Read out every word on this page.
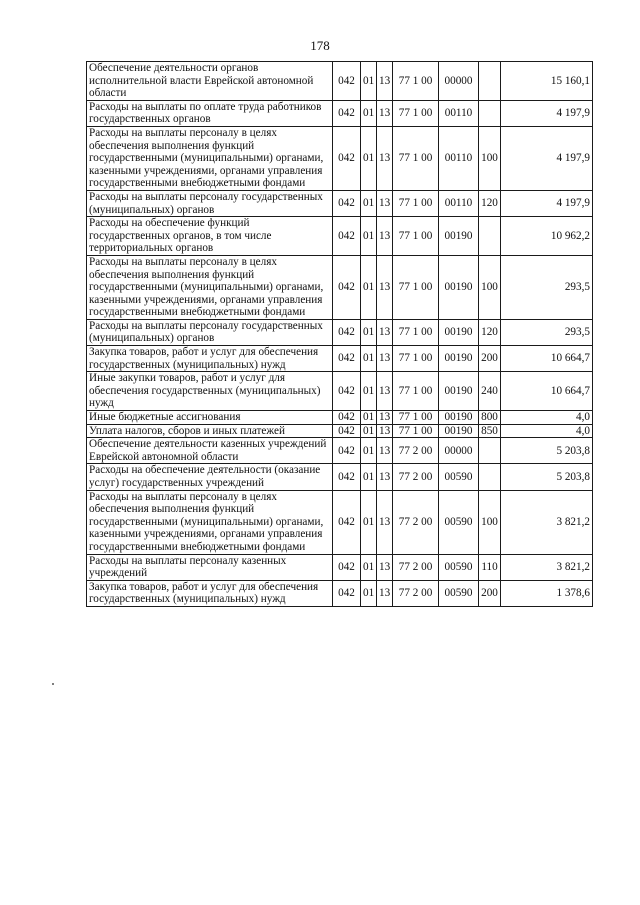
178
Обеспечение деятельности органов исполнительной власти Еврейской автономной области	042	01	13	77 1 00	00000		15 160,1
Расходы на выплаты по оплате труда работников государственных органов	042	01	13	77 1 00	00110		4 197,9
Расходы на выплаты персоналу в целях обеспечения выполнения функций государственными (муниципальными) органами, казенными учреждениями, органами управления государственными внебюджетными фондами	042	01	13	77 1 00	00110	100	4 197,9
Расходы на выплаты персоналу государственных (муниципальных) органов	042	01	13	77 1 00	00110	120	4 197,9
Расходы на обеспечение функций государственных органов, в том числе территориальных органов	042	01	13	77 1 00	00190		10 962,2
Расходы на выплаты персоналу в целях обеспечения выполнения функций государственными (муниципальными) органами, казенными учреждениями, органами управления государственными внебюджетными фондами	042	01	13	77 1 00	00190	100	293,5
Расходы на выплаты персоналу государственных (муниципальных) органов	042	01	13	77 1 00	00190	120	293,5
Закупка товаров, работ и услуг для обеспечения государственных (муниципальных) нужд	042	01	13	77 1 00	00190	200	10 664,7
Иные закупки товаров, работ и услуг для обеспечения государственных (муниципальных) нужд	042	01	13	77 1 00	00190	240	10 664,7
Иные бюджетные ассигнования	042	01	13	77 1 00	00190	800	4,0
Уплата налогов, сборов и иных платежей	042	01	13	77 1 00	00190	850	4,0
Обеспечение деятельности казенных учреждений Еврейской автономной области	042	01	13	77 2 00	00000		5 203,8
Расходы на обеспечение деятельности (оказание услуг) государственных учреждений	042	01	13	77 2 00	00590		5 203,8
Расходы на выплаты персоналу в целях обеспечения выполнения функций государственными (муниципальными) органами, казенными учреждениями, органами управления государственными внебюджетными фондами	042	01	13	77 2 00	00590	100	3 821,2
Расходы на выплаты персоналу казенных учреждений	042	01	13	77 2 00	00590	110	3 821,2
Закупка товаров, работ и услуг для обеспечения государственных (муниципальных) нужд	042	01	13	77 2 00	00590	200	1 378,6
